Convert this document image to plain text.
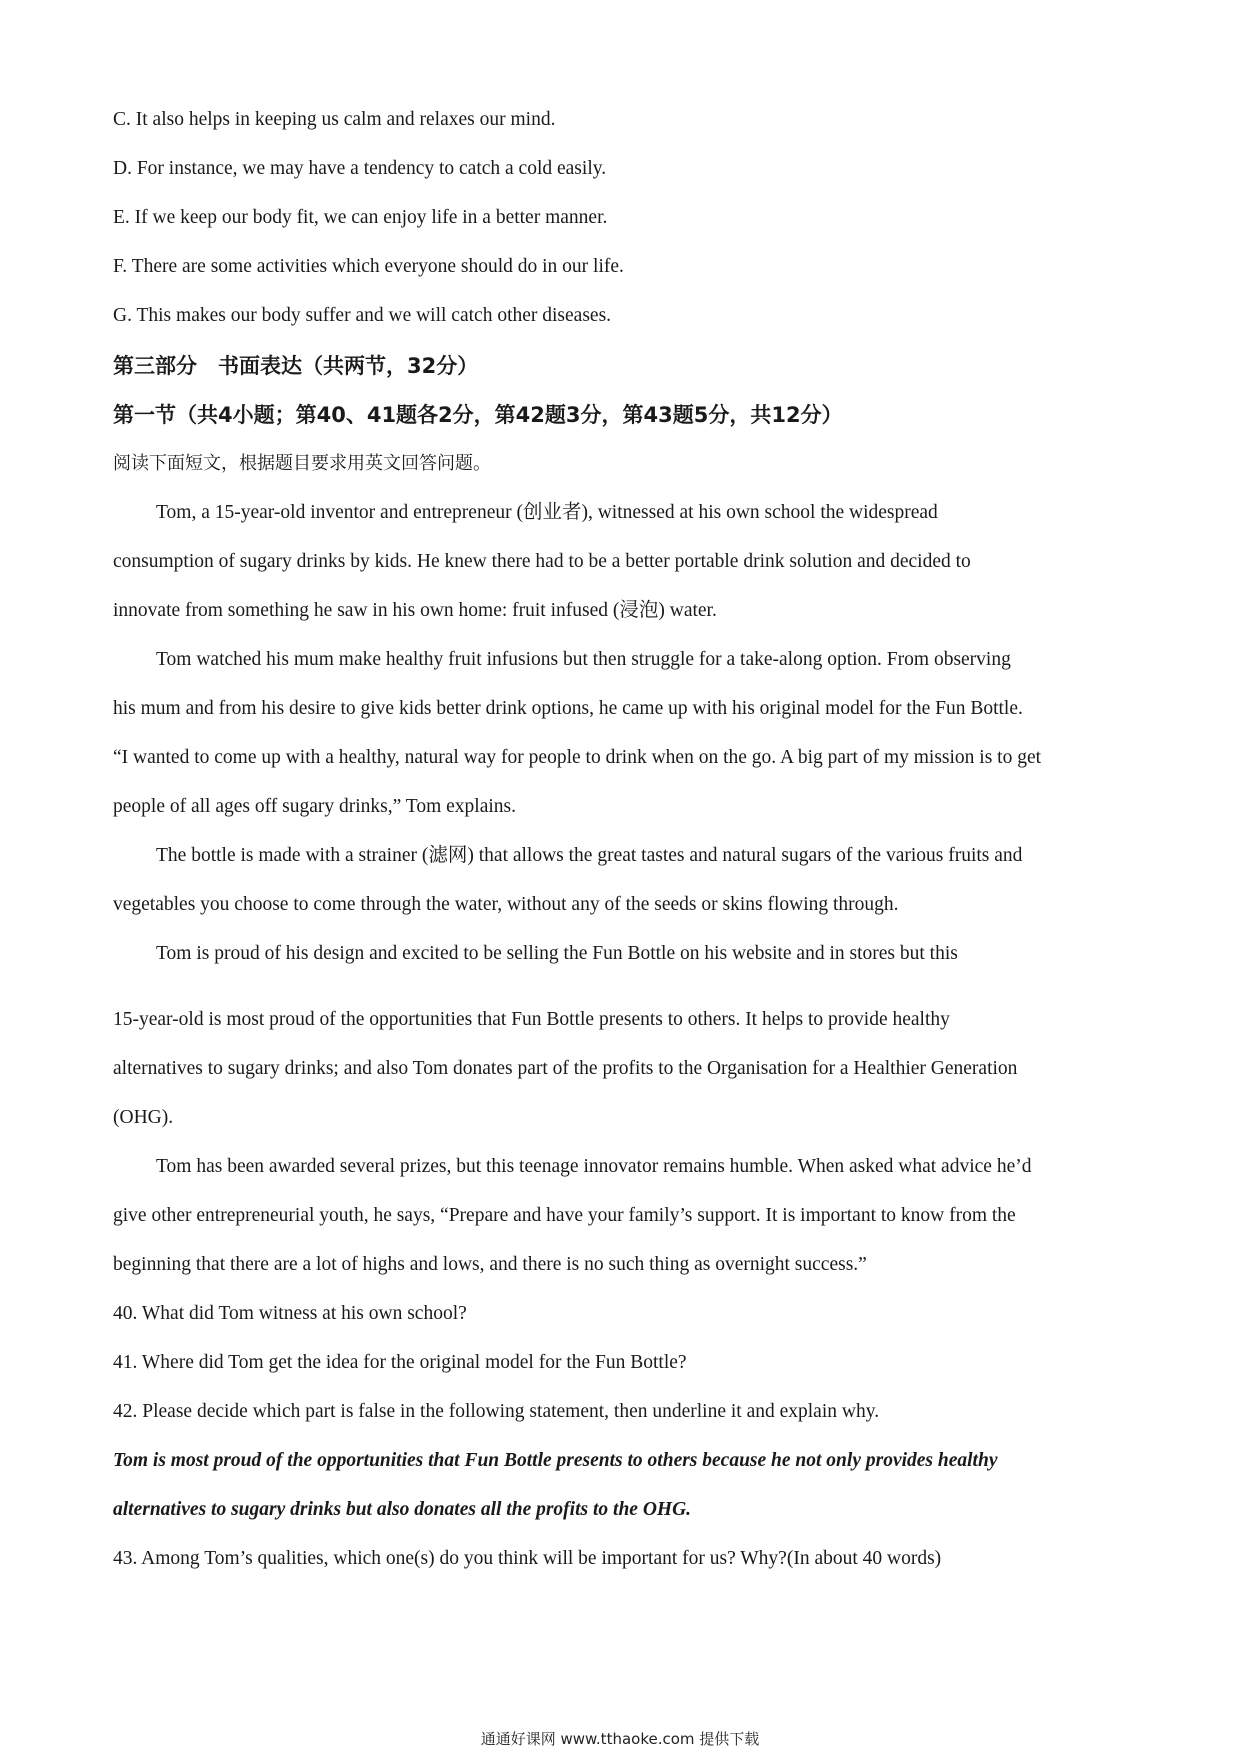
C. It also helps in keeping us calm and relaxes our mind.
D. For instance, we may have a tendency to catch a cold easily.
E. If we keep our body fit, we can enjoy life in a better manner.
F. There are some activities which everyone should do in our life.
G. This makes our body suffer and we will catch other diseases.
第三部分　书面表达（共两节，32分）
第一节（共4小题；第40、41题各2分，第42题3分，第43题5分，共12分）
阅读下面短文，根据题目要求用英文回答问题。
Tom, a 15-year-old inventor and entrepreneur (创业者), witnessed at his own school the widespread
consumption of sugary drinks by kids. He knew there had to be a better portable drink solution and decided to
innovate from something he saw in his own home: fruit infused (浸泡) water.
Tom watched his mum make healthy fruit infusions but then struggle for a take-along option. From observing
his mum and from his desire to give kids better drink options, he came up with his original model for the Fun Bottle.
“I wanted to come up with a healthy, natural way for people to drink when on the go. A big part of my mission is to get
people of all ages off sugary drinks,” Tom explains.
The bottle is made with a strainer (滤网) that allows the great tastes and natural sugars of the various fruits and
vegetables you choose to come through the water, without any of the seeds or skins flowing through.
Tom is proud of his design and excited to be selling the Fun Bottle on his website and in stores but this
15-year-old is most proud of the opportunities that Fun Bottle presents to others. It helps to provide healthy
alternatives to sugary drinks; and also Tom donates part of the profits to the Organisation for a Healthier Generation
(OHG).
Tom has been awarded several prizes, but this teenage innovator remains humble. When asked what advice he’d
give other entrepreneurial youth, he says, “Prepare and have your family’s support. It is important to know from the
beginning that there are a lot of highs and lows, and there is no such thing as overnight success.”
40. What did Tom witness at his own school?
41. Where did Tom get the idea for the original model for the Fun Bottle?
42. Please decide which part is false in the following statement, then underline it and explain why.
Tom is most proud of the opportunities that Fun Bottle presents to others because he not only provides healthy
alternatives to sugary drinks but also donates all the profits to the OHG.
43. Among Tom’s qualities, which one(s) do you think will be important for us? Why?(In about 40 words)
通通好课网 www.tthaoke.com 提供下载
